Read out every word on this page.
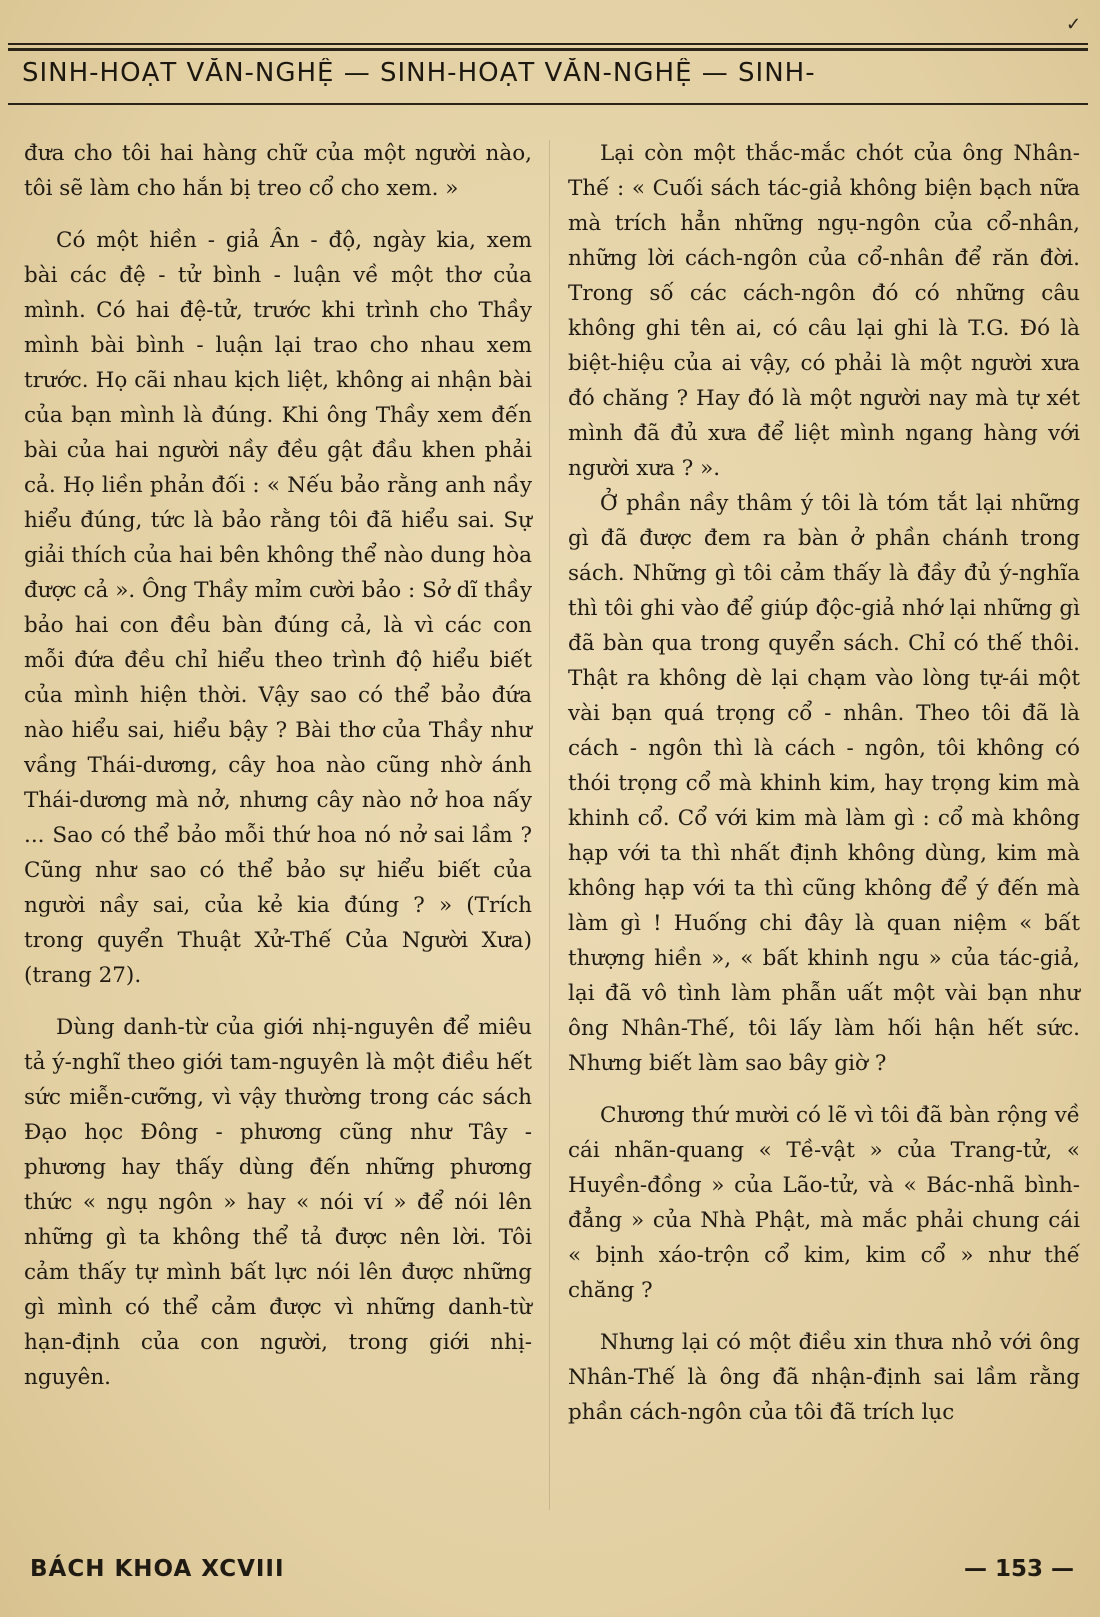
✓
SINH-HOẠT VĂN-NGHỆ — SINH-HOẠT VĂN-NGHỆ — SINH-

đưa cho tôi hai hàng chữ của một người nào, tôi sẽ làm cho hắn bị treo cổ cho xem. »

Có một hiền - giả Ân - độ, ngày kia, xem bài các đệ - tử bình - luận về một thơ của mình. Có hai đệ-tử, trước khi trình cho Thầy mình bài bình - luận lại trao cho nhau xem trước. Họ cãi nhau kịch liệt, không ai nhận bài của bạn mình là đúng. Khi ông Thầy xem đến bài của hai người nầy đều gật đầu khen phải cả. Họ liền phản đối : « Nếu bảo rằng anh nầy hiểu đúng, tức là bảo rằng tôi đã hiểu sai. Sự giải thích của hai bên không thể nào dung hòa được cả ». Ông Thầy mỉm cười bảo : Sở dĩ thầy bảo hai con đều bàn đúng cả, là vì các con mỗi đứa đều chỉ hiểu theo trình độ hiểu biết của mình hiện thời. Vậy sao có thể bảo đứa nào hiểu sai, hiểu bậy ? Bài thơ của Thầy như vầng Thái-dương, cây hoa nào cũng nhờ ánh Thái-dương mà nở, nhưng cây nào nở hoa nấy ... Sao có thể bảo mỗi thứ hoa nó nở sai lầm ? Cũng như sao có thể bảo sự hiểu biết của người nầy sai, của kẻ kia đúng ? » (Trích trong quyển Thuật Xử-Thế Của Người Xưa) (trang 27).

Dùng danh-từ của giới nhị-nguyên để miêu tả ý-nghĩ theo giới tam-nguyên là một điều hết sức miễn-cưỡng, vì vậy thường trong các sách Đạo học Đông - phương cũng như Tây - phương hay thấy dùng đến những phương thức « ngụ ngôn » hay « nói ví » để nói lên những gì ta không thể tả được nên lời. Tôi cảm thấy tự mình bất lực nói lên được những gì mình có thể cảm được vì những danh-từ hạn-định của con người, trong giới nhị-nguyên.

Lại còn một thắc-mắc chót của ông Nhân-Thế : « Cuối sách tác-giả không biện bạch nữa mà trích hẳn những ngụ-ngôn của cổ-nhân, những lời cách-ngôn của cổ-nhân để răn đời. Trong số các cách-ngôn đó có những câu không ghi tên ai, có câu lại ghi là T.G. Đó là biệt-hiệu của ai vậy, có phải là một người xưa đó chăng ? Hay đó là một người nay mà tự xét mình đã đủ xưa để liệt mình ngang hàng với người xưa ? ».

Ở phần nầy thâm ý tôi là tóm tắt lại những gì đã được đem ra bàn ở phần chánh trong sách. Những gì tôi cảm thấy là đầy đủ ý-nghĩa thì tôi ghi vào để giúp độc-giả nhớ lại những gì đã bàn qua trong quyển sách. Chỉ có thế thôi. Thật ra không dè lại chạm vào lòng tự-ái một vài bạn quá trọng cổ - nhân. Theo tôi đã là cách - ngôn thì là cách - ngôn, tôi không có thói trọng cổ mà khinh kim, hay trọng kim mà khinh cổ. Cổ với kim mà làm gì : cổ mà không hạp với ta thì nhất định không dùng, kim mà không hạp với ta thì cũng không để ý đến mà làm gì ! Huống chi đây là quan niệm « bất thượng hiền », « bất khinh ngu » của tác-giả, lại đã vô tình làm phẫn uất một vài bạn như ông Nhân-Thế, tôi lấy làm hối hận hết sức. Nhưng biết làm sao bây giờ ?

Chương thứ mười có lẽ vì tôi đã bàn rộng về cái nhãn-quang « Tề-vật » của Trang-tử, « Huyền-đồng » của Lão-tử, và « Bác-nhã bình-đẳng » của Nhà Phật, mà mắc phải chung cái « bịnh xáo-trộn cổ kim, kim cổ » như thế chăng ?

Nhưng lại có một điều xin thưa nhỏ với ông Nhân-Thế là ông đã nhận-định sai lầm rằng phần cách-ngôn của tôi đã trích lục

BÁCH KHOA XCVIII	— 153 —
